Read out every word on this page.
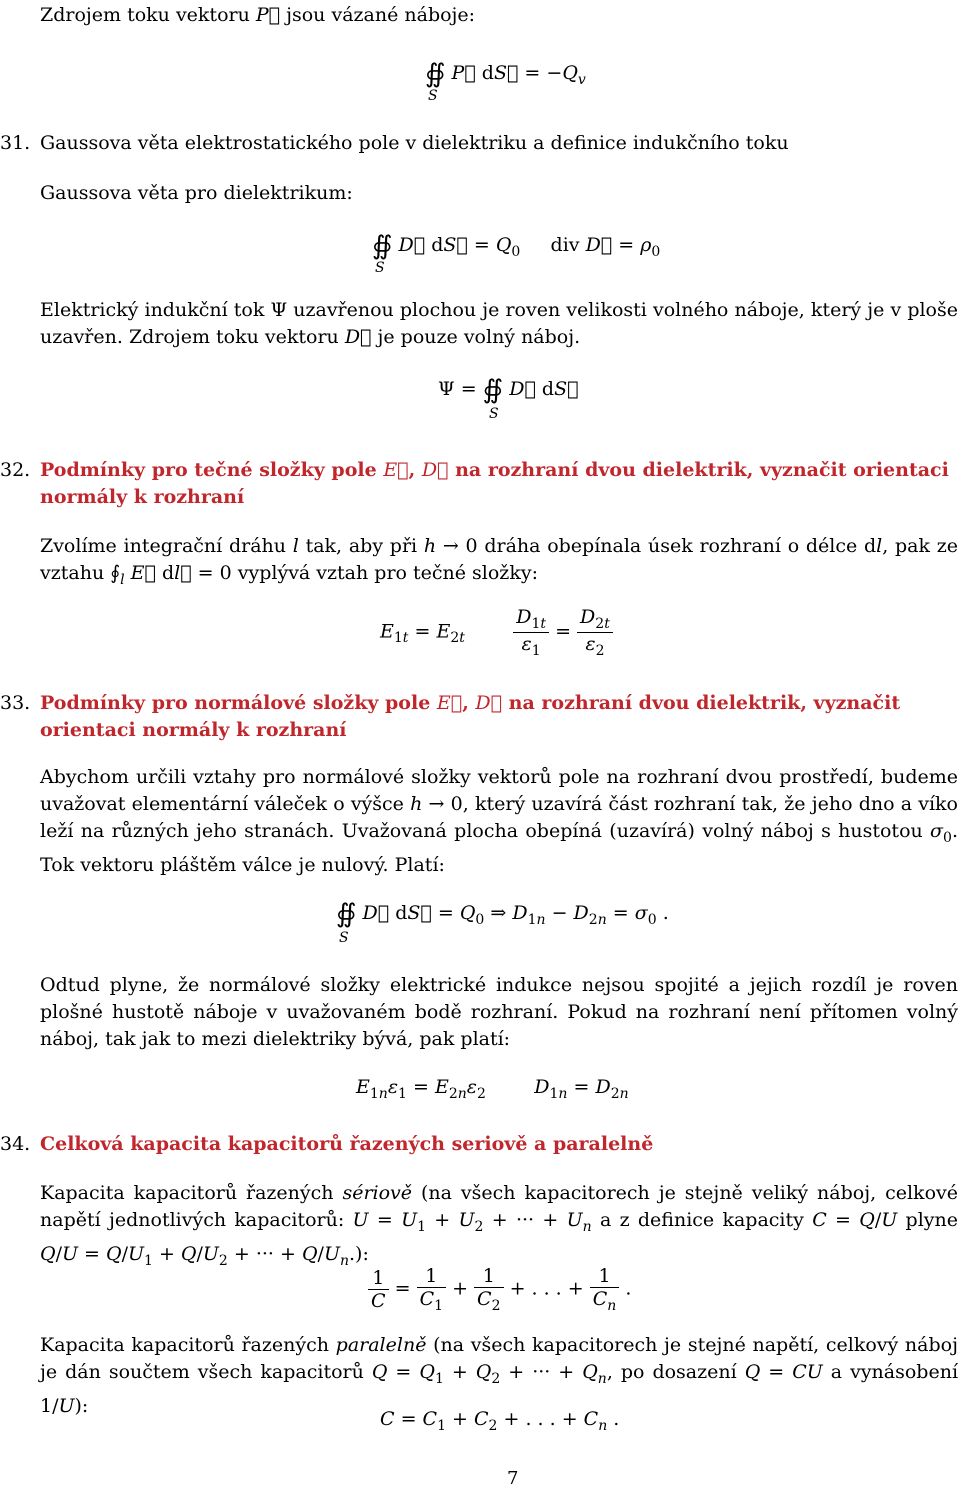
Zdrojem toku vektoru P⃗ jsou vázané náboje:
∯ P⃗ dS⃗ = $-Q_v$
S
31. Gaussova věta elektrostatického pole v dielektriku a definice indukčního toku
Gaussova věta pro dielektrikum:
∯ D⃗ dS⃗ = $Q_0$ div D⃗ = $\rho_0$
S
Elektrický indukční tok Ψ uzavřenou plochou je roven velikosti volného náboje, který je v ploše uzavřen. Zdrojem toku vektoru D⃗ je pouze volný náboj.
Ψ = ∯ D⃗ dS⃗
S
32. Podmínky pro tečné složky pole E⃗, D⃗ na rozhraní dvou dielektrik, vyznačit orientaci normály k rozhraní
Zvolíme integrační dráhu l tak, aby při h → 0 dráha obepínala úsek rozhraní o délce dl, pak ze vztahu $∮_l$ E⃗ dl⃗ = 0 vyplývá vztah pro tečné složky:
$E_{1t} = E_{2t}$	$\frac{D_{1t}}{\varepsilon_1} = \frac{D_{2t}}{\varepsilon_2}$
33. Podmínky pro normálové složky pole E⃗, D⃗ na rozhraní dvou dielektrik, vyznačit orientaci normály k rozhraní
Abychom určili vztahy pro normálové složky vektorů pole na rozhraní dvou prostředí, budeme uvažovat elementární váleček o výšce h → 0, který uzavírá část rozhraní tak, že jeho dno a víko leží na různých jeho stranách. Uvažovaná plocha obepíná (uzavírá) volný náboj s hustotou $\sigma_0$. Tok vektoru pláštěm válce je nulový. Platí:
∯ D⃗ dS⃗ = $Q_0$ ⇒ $D_{1n} - D_{2n} = \sigma_0$ .
S
Odtud plyne, že normálové složky elektrické indukce nejsou spojité a jejich rozdíl je roven plošné hustotě náboje v uvažovaném bodě rozhraní. Pokud na rozhraní není přítomen volný náboj, tak jak to mezi dielektriky bývá, pak platí:
$E_{1n}\varepsilon_1 = E_{2n}\varepsilon_2$        $D_{1n} = D_{2n}$
34. Celková kapacita kapacitorů řazených seriově a paralelně
Kapacita kapacitorů řazených sériově (na všech kapacitorech je stejně veliký náboj, celkové napětí jednotlivých kapacitorů: $U = U_1 + U_2$ + ··· + $U_n$ a z definice kapacity C = Q/U plyne $Q/U = Q/U_1 + Q/U_2$ + ··· + $Q/U_n$.):
$\frac{1}{C} = \frac{1}{C_1} + \frac{1}{C_2}$ + . . . + $\frac{1}{C_n}$ .
Kapacita kapacitorů řazených paralelně (na všech kapacitorech je stejné napětí, celkový náboj je dán součtem všech kapacitorů $Q = Q_1 + Q_2$ + ··· + $Q_n$, po dosazení Q = CU a vynásobení 1/U):
$C = C_1 + C_2$ + . . . + $C_n$ .
7
